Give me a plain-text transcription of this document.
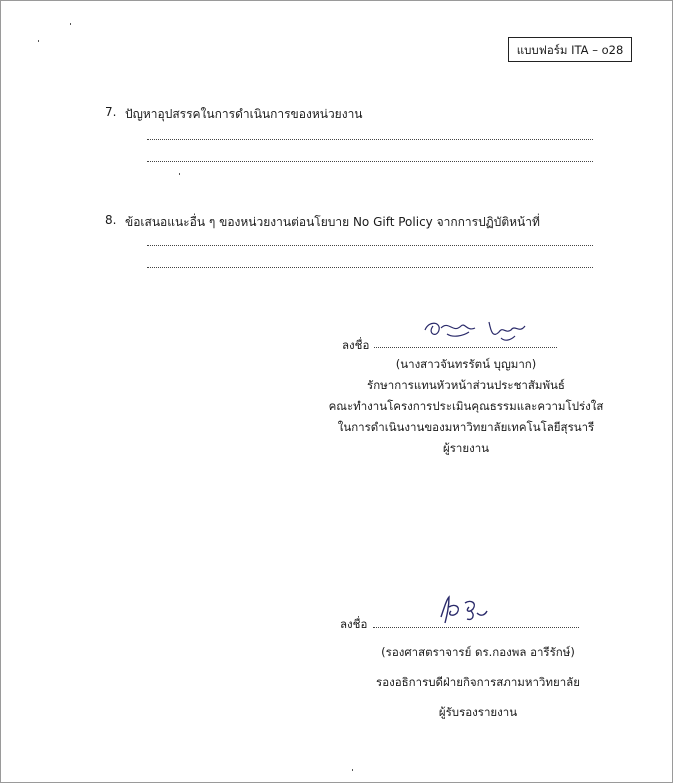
แบบฟอร์ม ITA – o28
7. ปัญหาอุปสรรคในการดำเนินการของหน่วยงาน
8. ข้อเสนอแนะอื่น ๆ ของหน่วยงานต่อนโยบาย No Gift Policy จากการปฏิบัติหน้าที่
ลงชื่อ
(นางสาวจันทรรัตน์ บุญมาก)
รักษาการแทนหัวหน้าส่วนประชาสัมพันธ์
คณะทำงานโครงการประเมินคุณธรรมและความโปร่งใส
ในการดำเนินงานของมหาวิทยาลัยเทคโนโลยีสุรนารี
ผู้รายงาน
ลงชื่อ
(รองศาสตราจารย์ ดร.กองพล อารีรักษ์)
รองอธิการบดีฝ่ายกิจการสภามหาวิทยาลัย
ผู้รับรองรายงาน
